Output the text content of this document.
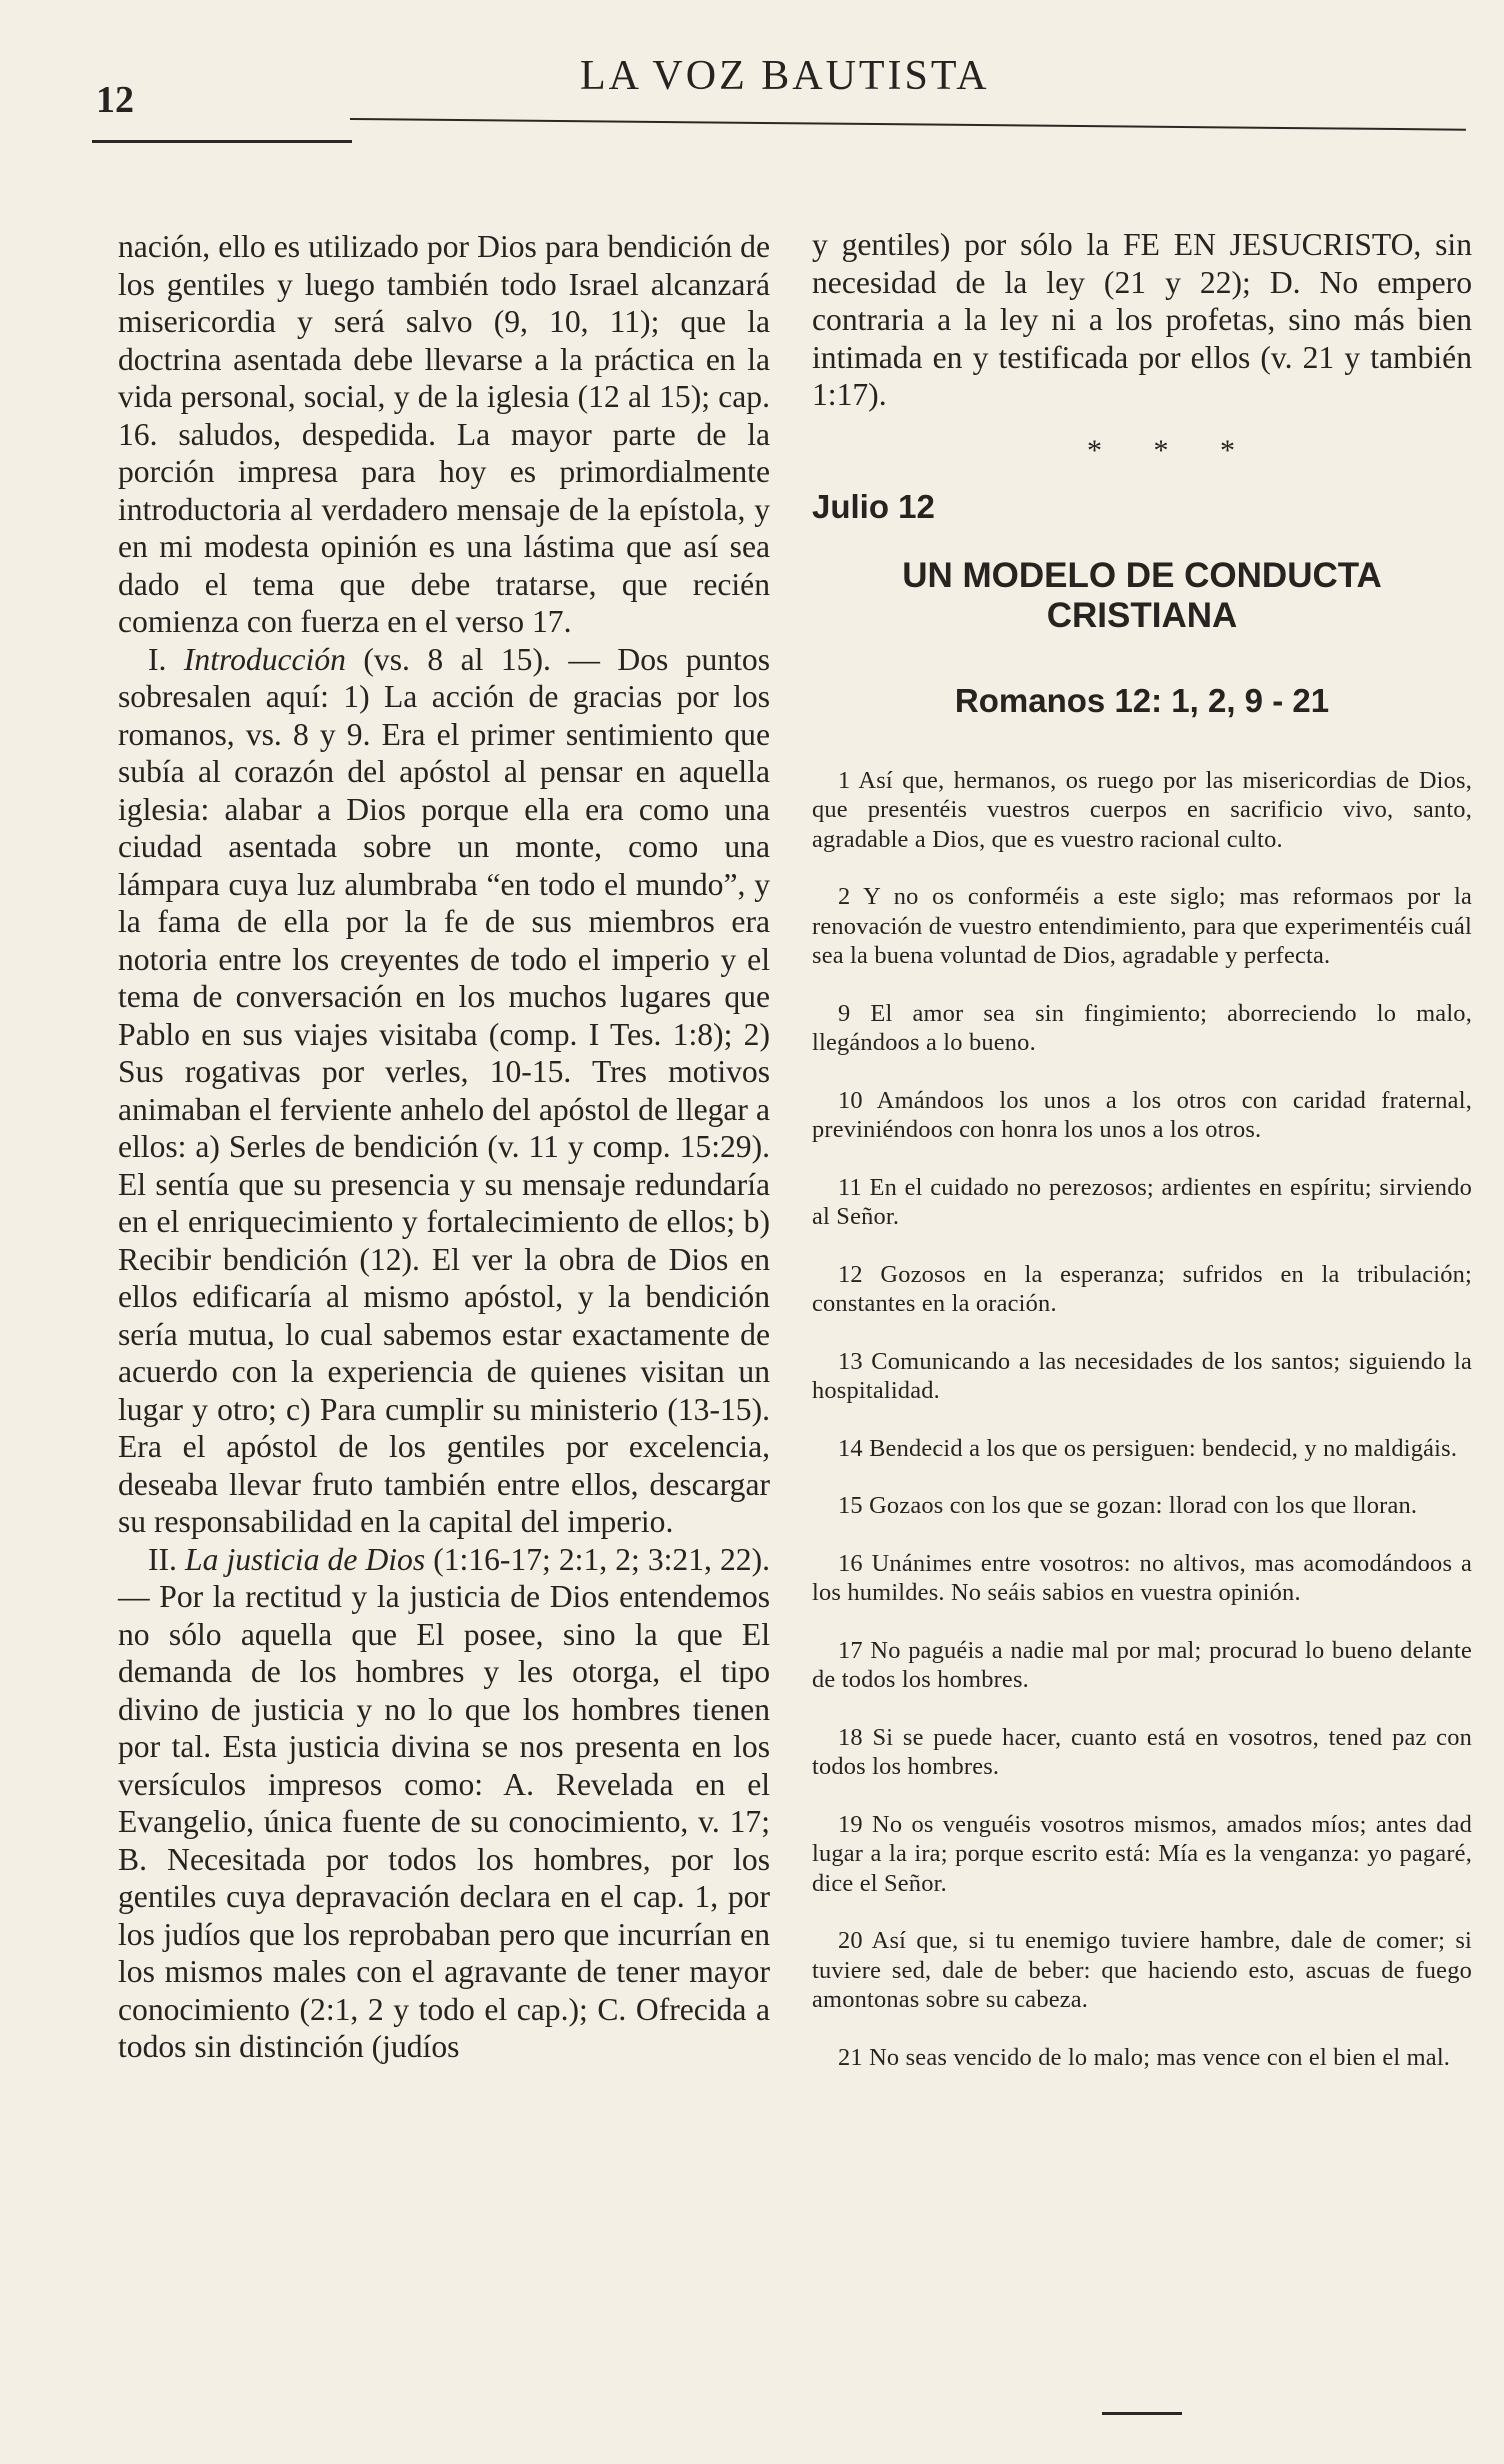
12
LA VOZ BAUTISTA

nación, ello es utilizado por Dios para bendición de los gentiles y luego también todo Israel alcanzará misericordia y será salvo (9, 10, 11); que la doctrina asentada debe llevarse a la práctica en la vida personal, social, y de la iglesia (12 al 15); cap. 16. saludos, despedida. La mayor parte de la porción impresa para hoy es primordialmente introductoria al verdadero mensaje de la epístola, y en mi modesta opinión es una lástima que así sea dado el tema que debe tratarse, que recién comienza con fuerza en el verso 17.

I. Introducción (vs. 8 al 15). — Dos puntos sobresalen aquí: 1) La acción de gracias por los romanos, vs. 8 y 9. Era el primer sentimiento que subía al corazón del apóstol al pensar en aquella iglesia: alabar a Dios porque ella era como una ciudad asentada sobre un monte, como una lámpara cuya luz alumbraba “en todo el mundo”, y la fama de ella por la fe de sus miembros era notoria entre los creyentes de todo el imperio y el tema de conversación en los muchos lugares que Pablo en sus viajes visitaba (comp. I Tes. 1:8); 2) Sus rogativas por verles, 10-15. Tres motivos animaban el ferviente anhelo del apóstol de llegar a ellos: a) Serles de bendición (v. 11 y comp. 15:29). El sentía que su presencia y su mensaje redundaría en el enriquecimiento y fortalecimiento de ellos; b) Recibir bendición (12). El ver la obra de Dios en ellos edificaría al mismo apóstol, y la bendición sería mutua, lo cual sabemos estar exactamente de acuerdo con la experiencia de quienes visitan un lugar y otro; c) Para cumplir su ministerio (13-15). Era el apóstol de los gentiles por excelencia, deseaba llevar fruto también entre ellos, descargar su responsabilidad en la capital del imperio.

II. La justicia de Dios (1:16-17; 2:1, 2; 3:21, 22). — Por la rectitud y la justicia de Dios entendemos no sólo aquella que El posee, sino la que El demanda de los hombres y les otorga, el tipo divino de justicia y no lo que los hombres tienen por tal. Esta justicia divina se nos presenta en los versículos impresos como: A. Revelada en el Evangelio, única fuente de su conocimiento, v. 17; B. Necesitada por todos los hombres, por los gentiles cuya depravación declara en el cap. 1, por los judíos que los reprobaban pero que incurrían en los mismos males con el agravante de tener mayor conocimiento (2:1, 2 y todo el cap.); C. Ofrecida a todos sin distinción (judíos

y gentiles) por sólo la FE EN JESUCRISTO, sin necesidad de la ley (21 y 22); D. No empero contraria a la ley ni a los profetas, sino más bien intimada en y testificada por ellos (v. 21 y también 1:17).

* * *
Julio 12
UN MODELO DE CONDUCTA CRISTIANA
Romanos 12: 1, 2, 9 - 21

1 Así que, hermanos, os ruego por las misericordias de Dios, que presentéis vuestros cuerpos en sacrificio vivo, santo, agradable a Dios, que es vuestro racional culto.

2 Y no os conforméis a este siglo; mas reformaos por la renovación de vuestro entendimiento, para que experimentéis cuál sea la buena voluntad de Dios, agradable y perfecta.

9 El amor sea sin fingimiento; aborreciendo lo malo, llegándoos a lo bueno.

10 Amándoos los unos a los otros con caridad fraternal, previniéndoos con honra los unos a los otros.

11 En el cuidado no perezosos; ardientes en espíritu; sirviendo al Señor.

12 Gozosos en la esperanza; sufridos en la tribulación; constantes en la oración.

13 Comunicando a las necesidades de los santos; siguiendo la hospitalidad.

14 Bendecid a los que os persiguen: bendecid, y no maldigáis.

15 Gozaos con los que se gozan: llorad con los que lloran.

16 Unánimes entre vosotros: no altivos, mas acomodándoos a los humildes. No seáis sabios en vuestra opinión.

17 No paguéis a nadie mal por mal; procurad lo bueno delante de todos los hombres.

18 Si se puede hacer, cuanto está en vosotros, tened paz con todos los hombres.

19 No os venguéis vosotros mismos, amados míos; antes dad lugar a la ira; porque escrito está: Mía es la venganza: yo pagaré, dice el Señor.

20 Así que, si tu enemigo tuviere hambre, dale de comer; si tuviere sed, dale de beber: que haciendo esto, ascuas de fuego amontonas sobre su cabeza.

21 No seas vencido de lo malo; mas vence con el bien el mal.
